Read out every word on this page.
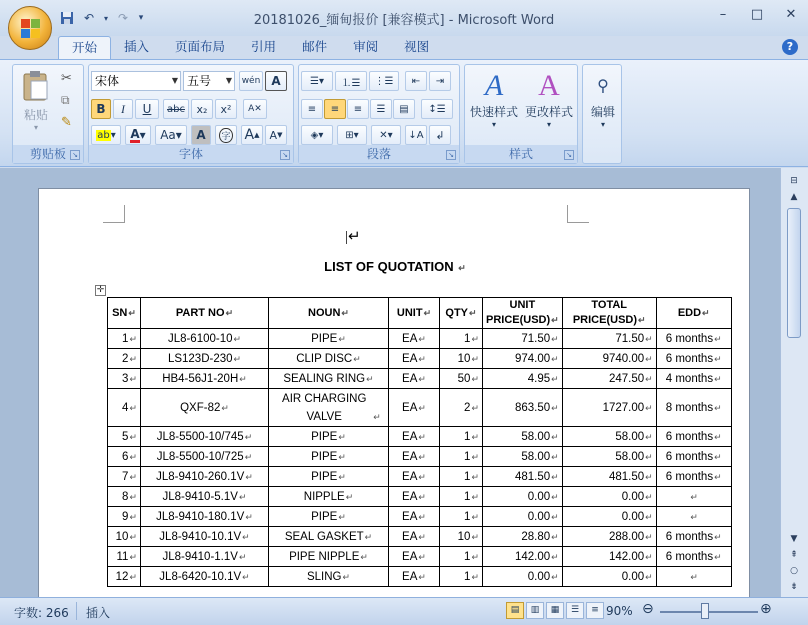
↶	▾ ↷	▾	20181026_缅甸报价 [兼容模式] - Microsoft Word	–	□	✕
开始	插入	页面布局	引用	邮件	审阅	视图	?
粘贴
▾
✂
⧉
✎
剪贴板 ↘
宋体	▼ 五号 ▼ wén A
B	I	U	abc	x₂	x²	A✕
ab ▾	A ▾	Aa ▾	A	字 A ▲ A ▼
字体	↘
☰▾	⒈☰	⋮☰	⇤	⇥
≡	≡	≡	☰	▤	↕☰
◈▾	⊞▾	✕▾	↓A	↲
段落	↘
A
快速样式
▾
A
更改样式
▾
样式	↘
⚲
编辑
▾
|↵
LIST OF QUOTATION ↵
✛
SN↵	PART NO↵	NOUN↵	UNIT↵	QTY↵	UNIT PRICE(USD)↵	TOTAL PRICE(USD)↵	EDD↵
1↵	JL8-6100-10↵	PIPE↵	EA↵	1↵	71.50↵	71.50↵	6 months↵
2↵	LS123D-230↵	CLIP DISC↵	EA↵	10↵	974.00↵	9740.00↵	6 months↵
3↵	HB4-56J1-20H↵	SEALING RING↵	EA↵	50↵	4.95↵	247.50↵	4 months↵
4↵	QXF-82↵	AIR CHARGING VALVE ↵	EA↵	2↵	863.50↵	1727.00↵	8 months↵
5↵	JL8-5500-10/745↵	PIPE↵	EA↵	1↵	58.00↵	58.00↵	6 months↵
6↵	JL8-5500-10/725↵	PIPE↵	EA↵	1↵	58.00↵	58.00↵	6 months↵
7↵	JL8-9410-260.1V↵	PIPE↵	EA↵	1↵	481.50↵	481.50↵	6 months↵
8↵	JL8-9410-5.1V↵	NIPPLE↵	EA↵	1↵	0.00↵	0.00↵	↵
9↵	JL8-9410-180.1V↵	PIPE↵	EA↵	1↵	0.00↵	0.00↵	↵
10↵	JL8-9410-10.1V↵	SEAL GASKET↵	EA↵	10↵	28.80↵	288.00↵	6 months↵
11↵	JL8-9410-1.1V↵	PIPE NIPPLE↵	EA↵	1↵	142.00↵	142.00↵	6 months↵
12↵	JL8-6420-10.1V↵	SLING↵	EA↵	1↵	0.00↵	0.00↵	↵
⊟
▲
▼
⇞
○
⇟
字数: 266 插入	▤	▥	▦	☰	≡ 90% ⊖	⊕
